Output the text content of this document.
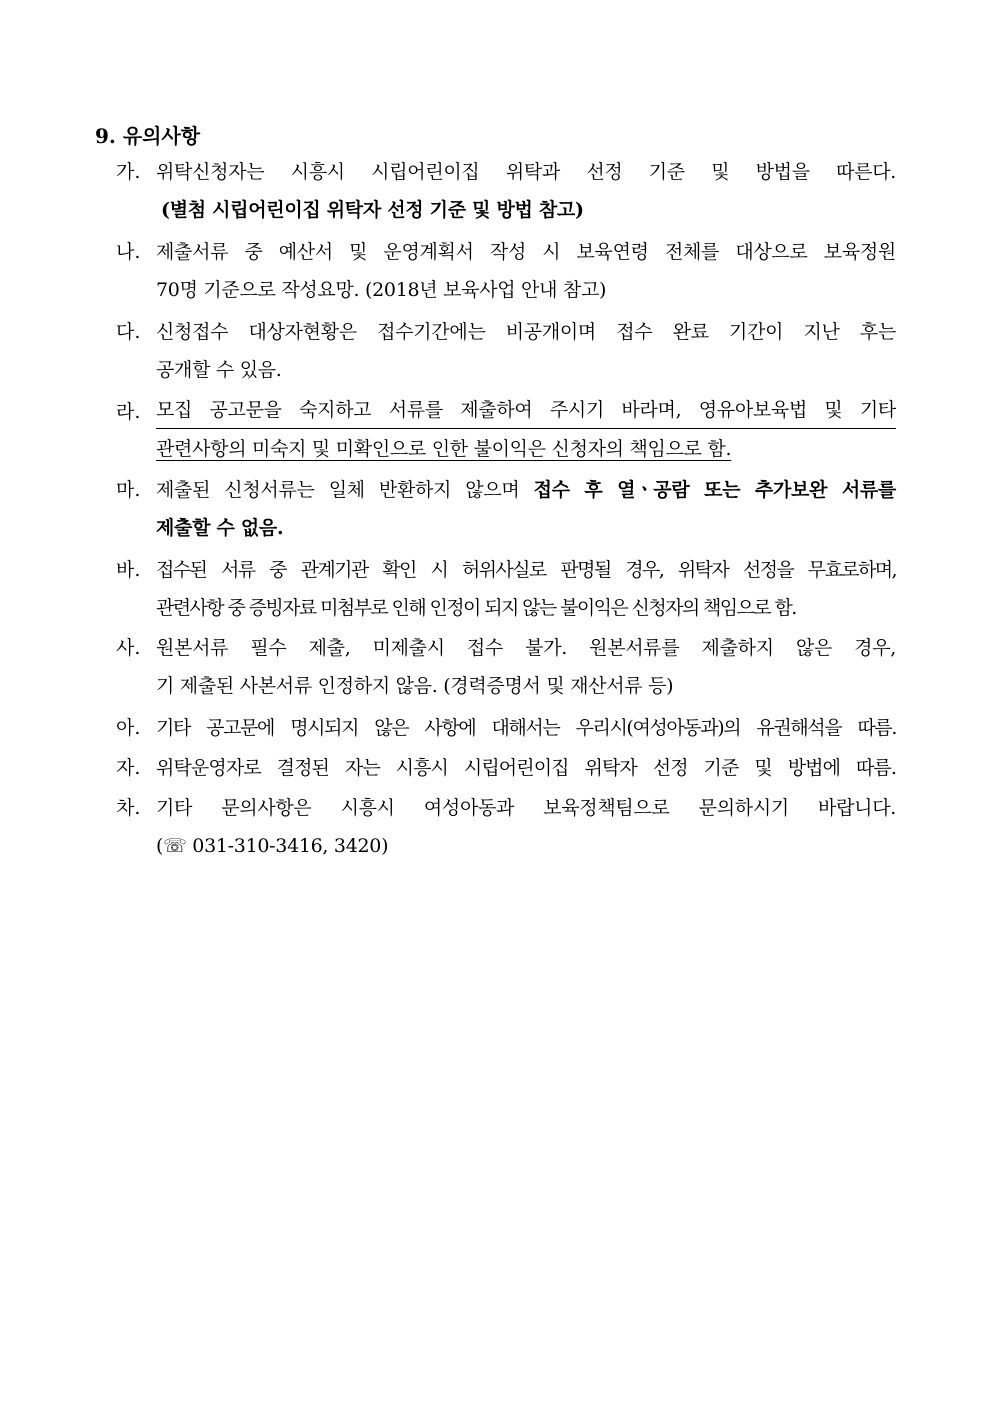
9. 유의사항
가. 위탁신청자는 시흥시 시립어린이집 위탁과 선정 기준 및 방법을 따른다.
(별첨 시립어린이집 위탁자 선정 기준 및 방법 참고)
나. 제출서류 중 예산서 및 운영계획서 작성 시 보육연령 전체를 대상으로 보육정원
70명 기준으로 작성요망. (2018년 보육사업 안내 참고)
다. 신청접수 대상자현황은 접수기간에는 비공개이며 접수 완료 기간이 지난 후는
공개할 수 있음.
라. 모집 공고문을 숙지하고 서류를 제출하여 주시기 바라며, 영유아보육법 및 기타
관련사항의 미숙지 및 미확인으로 인한 불이익은 신청자의 책임으로 함.
마. 제출된 신청서류는 일체 반환하지 않으며 접수 후 열ㆍ공람 또는 추가보완 서류를
제출할 수 없음.
바. 접수된 서류 중 관계기관 확인 시 허위사실로 판명될 경우, 위탁자 선정을 무효로하며,
관련사항 중 증빙자료 미첨부로 인해 인정이 되지 않는 불이익은 신청자의 책임으로 함.
사. 원본서류 필수 제출, 미제출시 접수 불가. 원본서류를 제출하지 않은 경우,
기 제출된 사본서류 인정하지 않음. (경력증명서 및 재산서류 등)
아. 기타 공고문에 명시되지 않은 사항에 대해서는 우리시(여성아동과)의 유권해석을 따름.
자. 위탁운영자로 결정된 자는 시흥시 시립어린이집 위탁자 선정 기준 및 방법에 따름.
차. 기타 문의사항은 시흥시 여성아동과 보육정책팀으로 문의하시기 바랍니다.
(☏ 031-310-3416, 3420)
